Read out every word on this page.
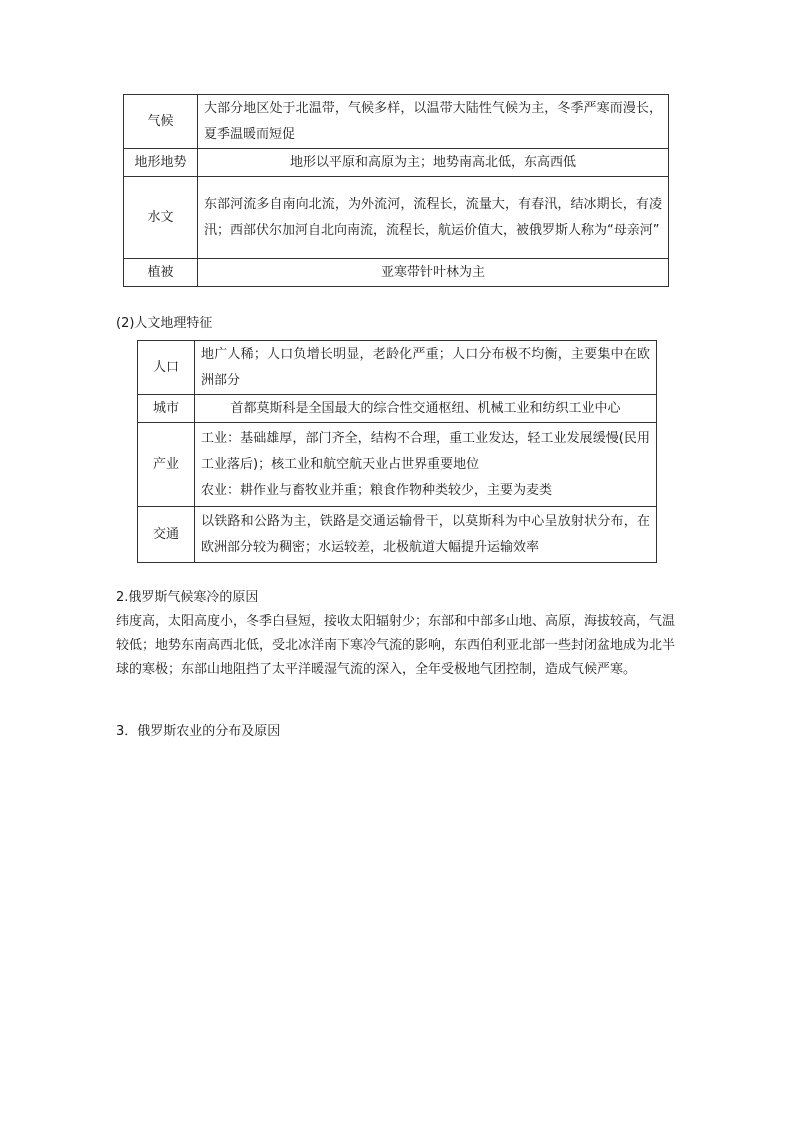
气候	大部分地区处于北温带，气候多样，以温带大陆性气候为主，冬季严寒而漫长，夏季温暖而短促
地形地势	地形以平原和高原为主；地势南高北低，东高西低
水文	东部河流多自南向北流，为外流河，流程长，流量大，有春汛，结冰期长，有凌汛；西部伏尔加河自北向南流，流程长，航运价值大，被俄罗斯人称为“母亲河”
植被	亚寒带针叶林为主

(2)人文地理特征

人口	地广人稀；人口负增长明显，老龄化严重；人口分布极不均衡，主要集中在欧洲部分
城市	首都莫斯科是全国最大的综合性交通枢纽、机械工业和纺织工业中心
产业	工业：基础雄厚，部门齐全，结构不合理，重工业发达，轻工业发展缓慢(民用工业落后)；核工业和航空航天业占世界重要地位
农业：耕作业与畜牧业并重；粮食作物种类较少，主要为麦类

交通	以铁路和公路为主，铁路是交通运输骨干，以莫斯科为中心呈放射状分布，在欧洲部分较为稠密；水运较差，北极航道大幅提升运输效率

2.俄罗斯气候寒冷的原因

纬度高，太阳高度小，冬季白昼短，接收太阳辐射少；东部和中部多山地、高原，海拔较高，气温较低；地势东南高西北低，受北冰洋南下寒冷气流的影响，东西伯利亚北部一些封闭盆地成为北半球的寒极；东部山地阻挡了太平洋暖湿气流的深入，全年受极地气团控制，造成气候严寒。

3．俄罗斯农业的分布及原因
